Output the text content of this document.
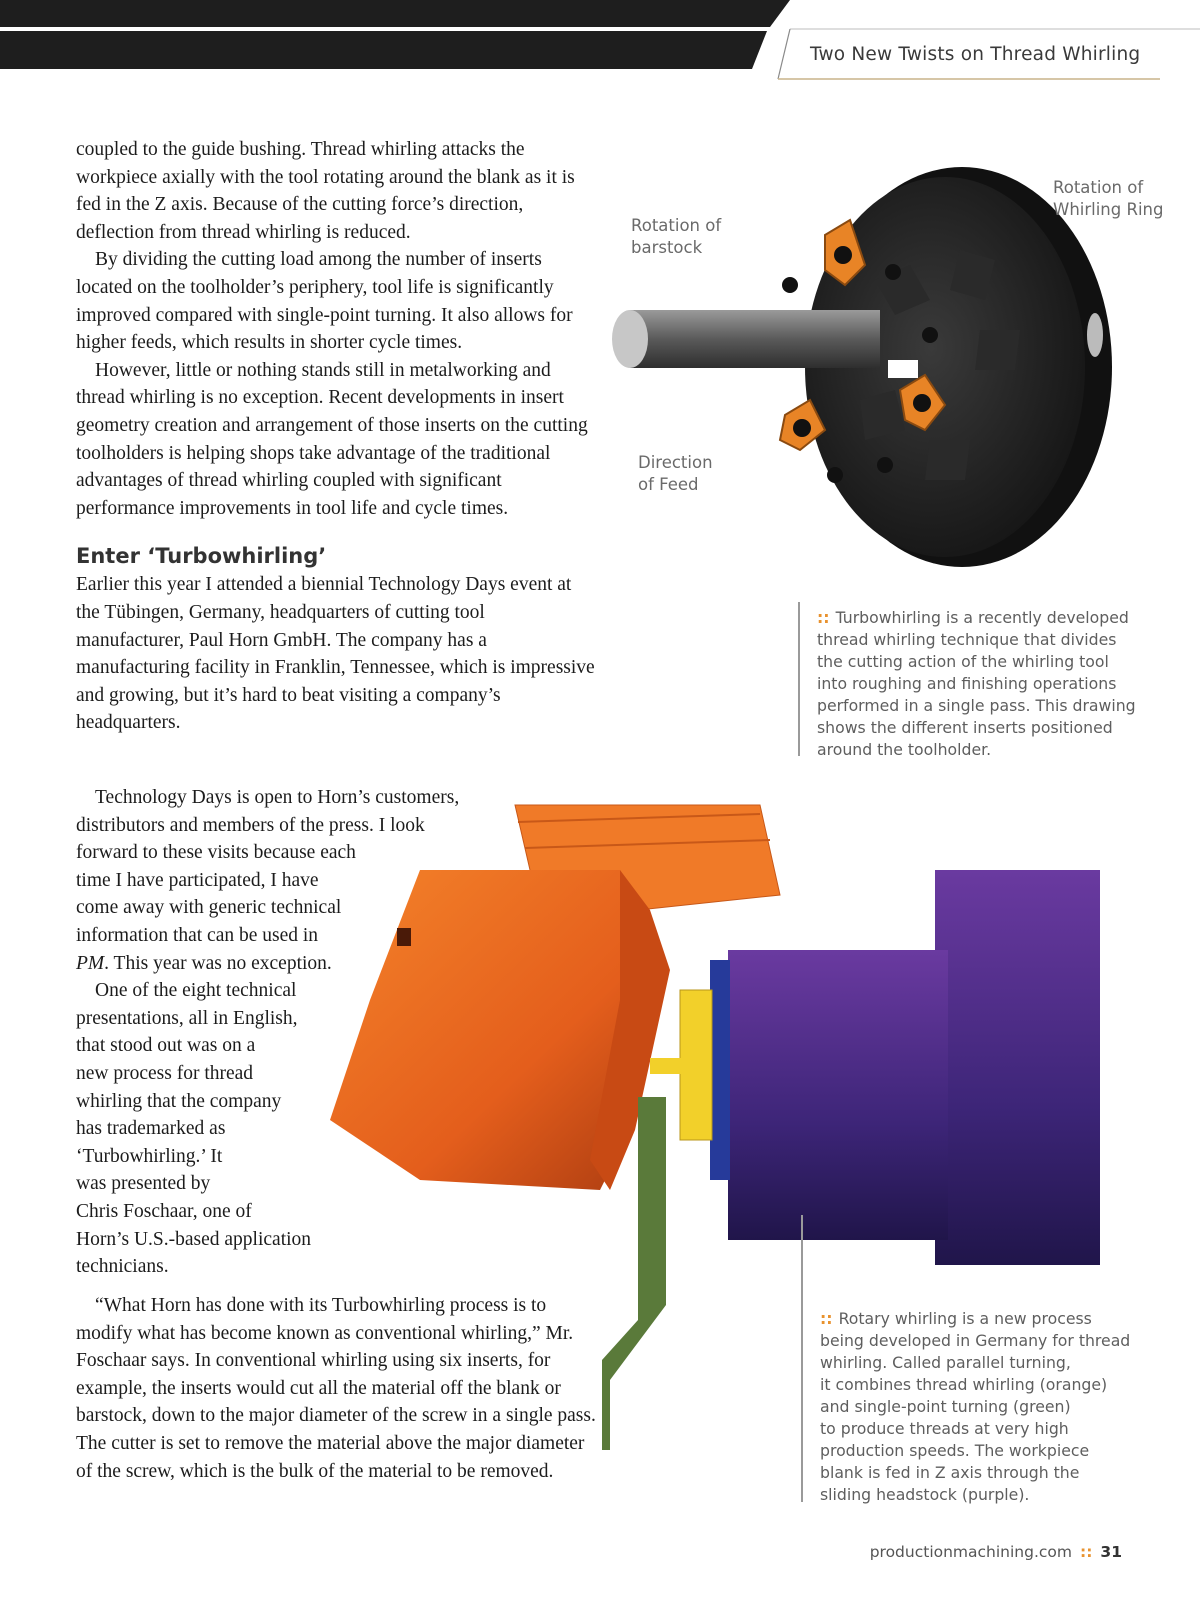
Two New Twists on Thread Whirling

coupled to the guide bushing. Thread whirling attacks the workpiece axially with the tool rotating around the blank as it is fed in the Z axis. Because of the cutting force’s direction, deflection from thread whirling is reduced.

By dividing the cutting load among the number of inserts located on the toolholder’s periphery, tool life is significantly improved compared with single-point turning. It also allows for higher feeds, which results in shorter cycle times.

However, little or nothing stands still in metalworking and thread whirling is no exception. Recent developments in insert geometry creation and arrangement of those inserts on the cutting toolholders is helping shops take advantage of the traditional advantages of thread whirling coupled with significant performance improvements in tool life and cycle times.

Enter ‘Turbowhirling’

Earlier this year I attended a biennial Technology Days event at the Tübingen, Germany, headquarters of cutting tool manufacturer, Paul Horn GmbH. The company has a manufacturing facility in Franklin, Tennessee, which is impressive and growing, but it’s hard to beat visiting a company’s headquarters.

Technology Days is open to Horn’s customers,
distributors and members of the press. I look
forward to these visits because each
time I have participated, I have
come away with generic technical
information that can be used in
PM. This year was no exception.
One of the eight technical
presentations, all in English,
that stood out was on a
new process for thread
whirling that the company
has trademarked as
‘Turbowhirling.’ It
was presented by
Chris Foschaar, one of
Horn’s U.S.-based application
technicians.

“What Horn has done with its Turbowhirling process is to modify what has become known as conventional whirling,” Mr. Foschaar says. In conventional whirling using six inserts, for example, the inserts would cut all the material off the blank or barstock, down to the major diameter of the screw in a single pass. The cutter is set to remove the material above the major diameter of the screw, which is the bulk of the material to be removed.

Rotation of
barstock
Rotation of
Whirling Ring
Direction
of Feed
:: Turbowhirling is a recently developed
thread whirling technique that divides
the cutting action of the whirling tool
into roughing and finishing operations
performed in a single pass. This drawing
shows the different inserts positioned
around the toolholder.
:: Rotary whirling is a new process
being developed in Germany for thread
whirling. Called parallel turning,
it combines thread whirling (orange)
and single-point turning (green)
to produce threads at very high
production speeds. The workpiece
blank is fed in Z axis through the
sliding headstock (purple).
productionmachining.com :: 31
